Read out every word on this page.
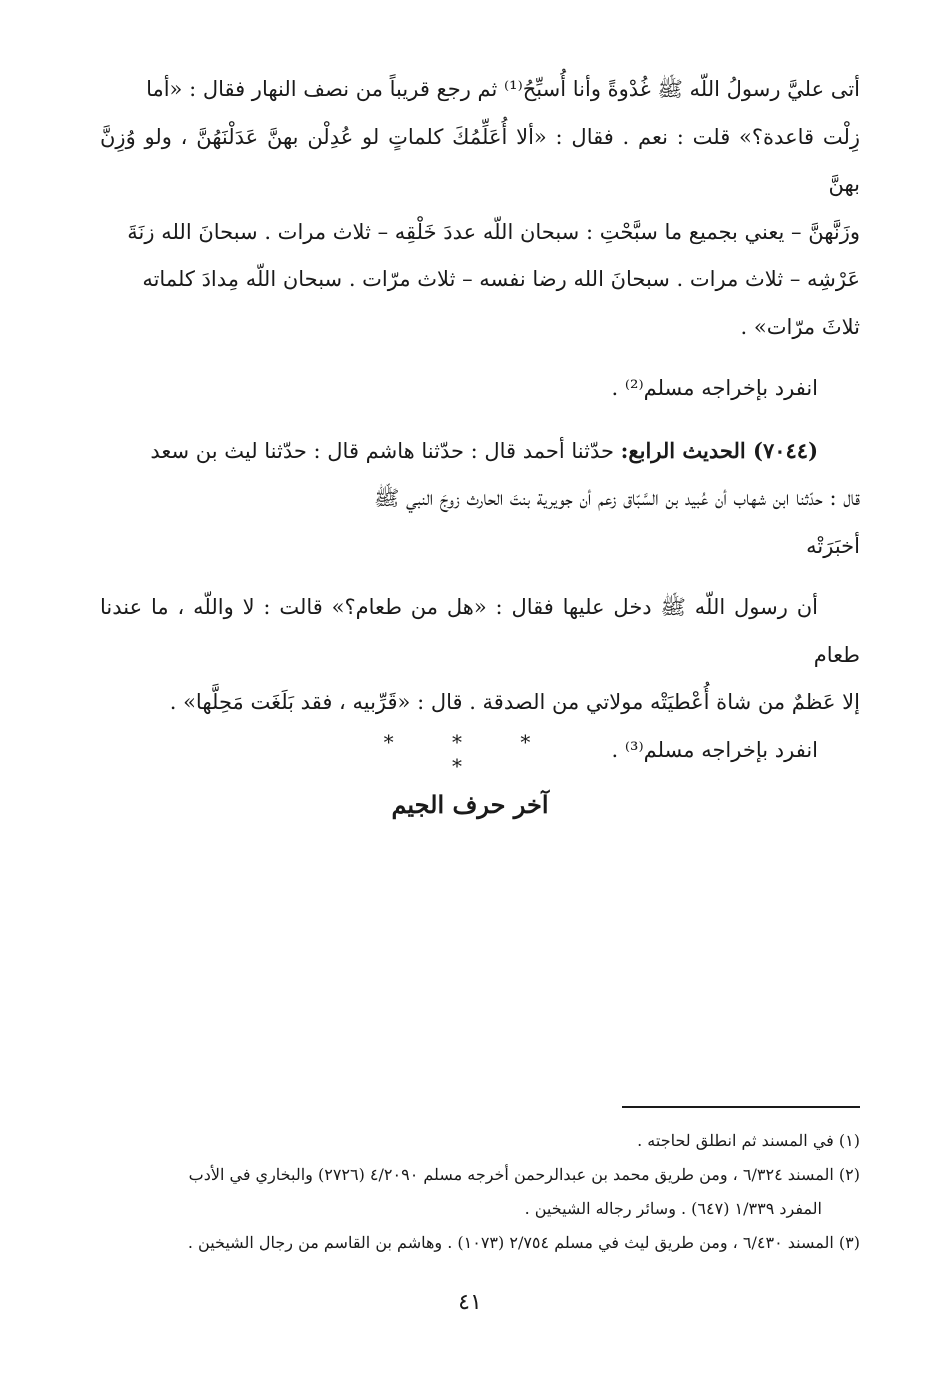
أتى عليَّ رسولُ اللّه ﷺ غُدْوةً وأنا أُسبِّحُ⁽¹⁾ ثم رجع قريباً من نصف النهار فقال : «أما

زِلْت قاعدة؟» قلت : نعم . فقال : «ألا أُعَلِّمُكَ كلماتٍ لو عُدِلْن بهنَّ عَدَلْنَهُنَّ ، ولو وُزِنَّ بهنَّ

وزَنَّهنَّ – يعني بجميع ما سبَّحْتِ : سبحان اللّه عددَ خَلْقِه – ثلاث مرات . سبحانَ الله زنَةَ

عَرْشِه – ثلاث مرات . سبحانَ الله رضا نفسه – ثلاث مرّات . سبحان اللّه مِدادَ كلماته

ثلاثَ مرّات» .

انفرد بإخراجه مسلم⁽²⁾ .

(٧٠٤٤) الحديث الرابع: حدّثنا أحمد قال : حدّثنا هاشم قال : حدّثنا ليث بن سعد

قال : حدّثنا ابن شهاب أن عُبيد بن السَّبّاق زعم أن جويرية بنتَ الحارث زوجَ النبي ﷺ

أخبَرَتْه

أن رسول اللّه ﷺ دخل عليها فقال : «هل من طعام؟» قالت : لا واللّه ، ما عندنا طعام

إلا عَظمٌ من شاة أُعْطيَتْه مولاتي من الصدقة . قال : «قَرِّبيه ، فقد بَلَغَت مَحِلَّها» .

انفرد بإخراجه مسلم⁽³⁾ .

* * * *
آخر حرف الجيم

(١) في المسند ثم انطلق لحاجته .

(٢) المسند ٦/٣٢٤ ، ومن طريق محمد بن عبدالرحمن أخرجه مسلم ٤/٢٠٩٠ (٢٧٢٦) والبخاري في الأدب

المفرد ١/٣٣٩ (٦٤٧) . وسائر رجاله الشيخين .

(٣) المسند ٦/٤٣٠ ، ومن طريق ليث في مسلم ٢/٧٥٤ (١٠٧٣) . وهاشم بن القاسم من رجال الشيخين .

٤١
